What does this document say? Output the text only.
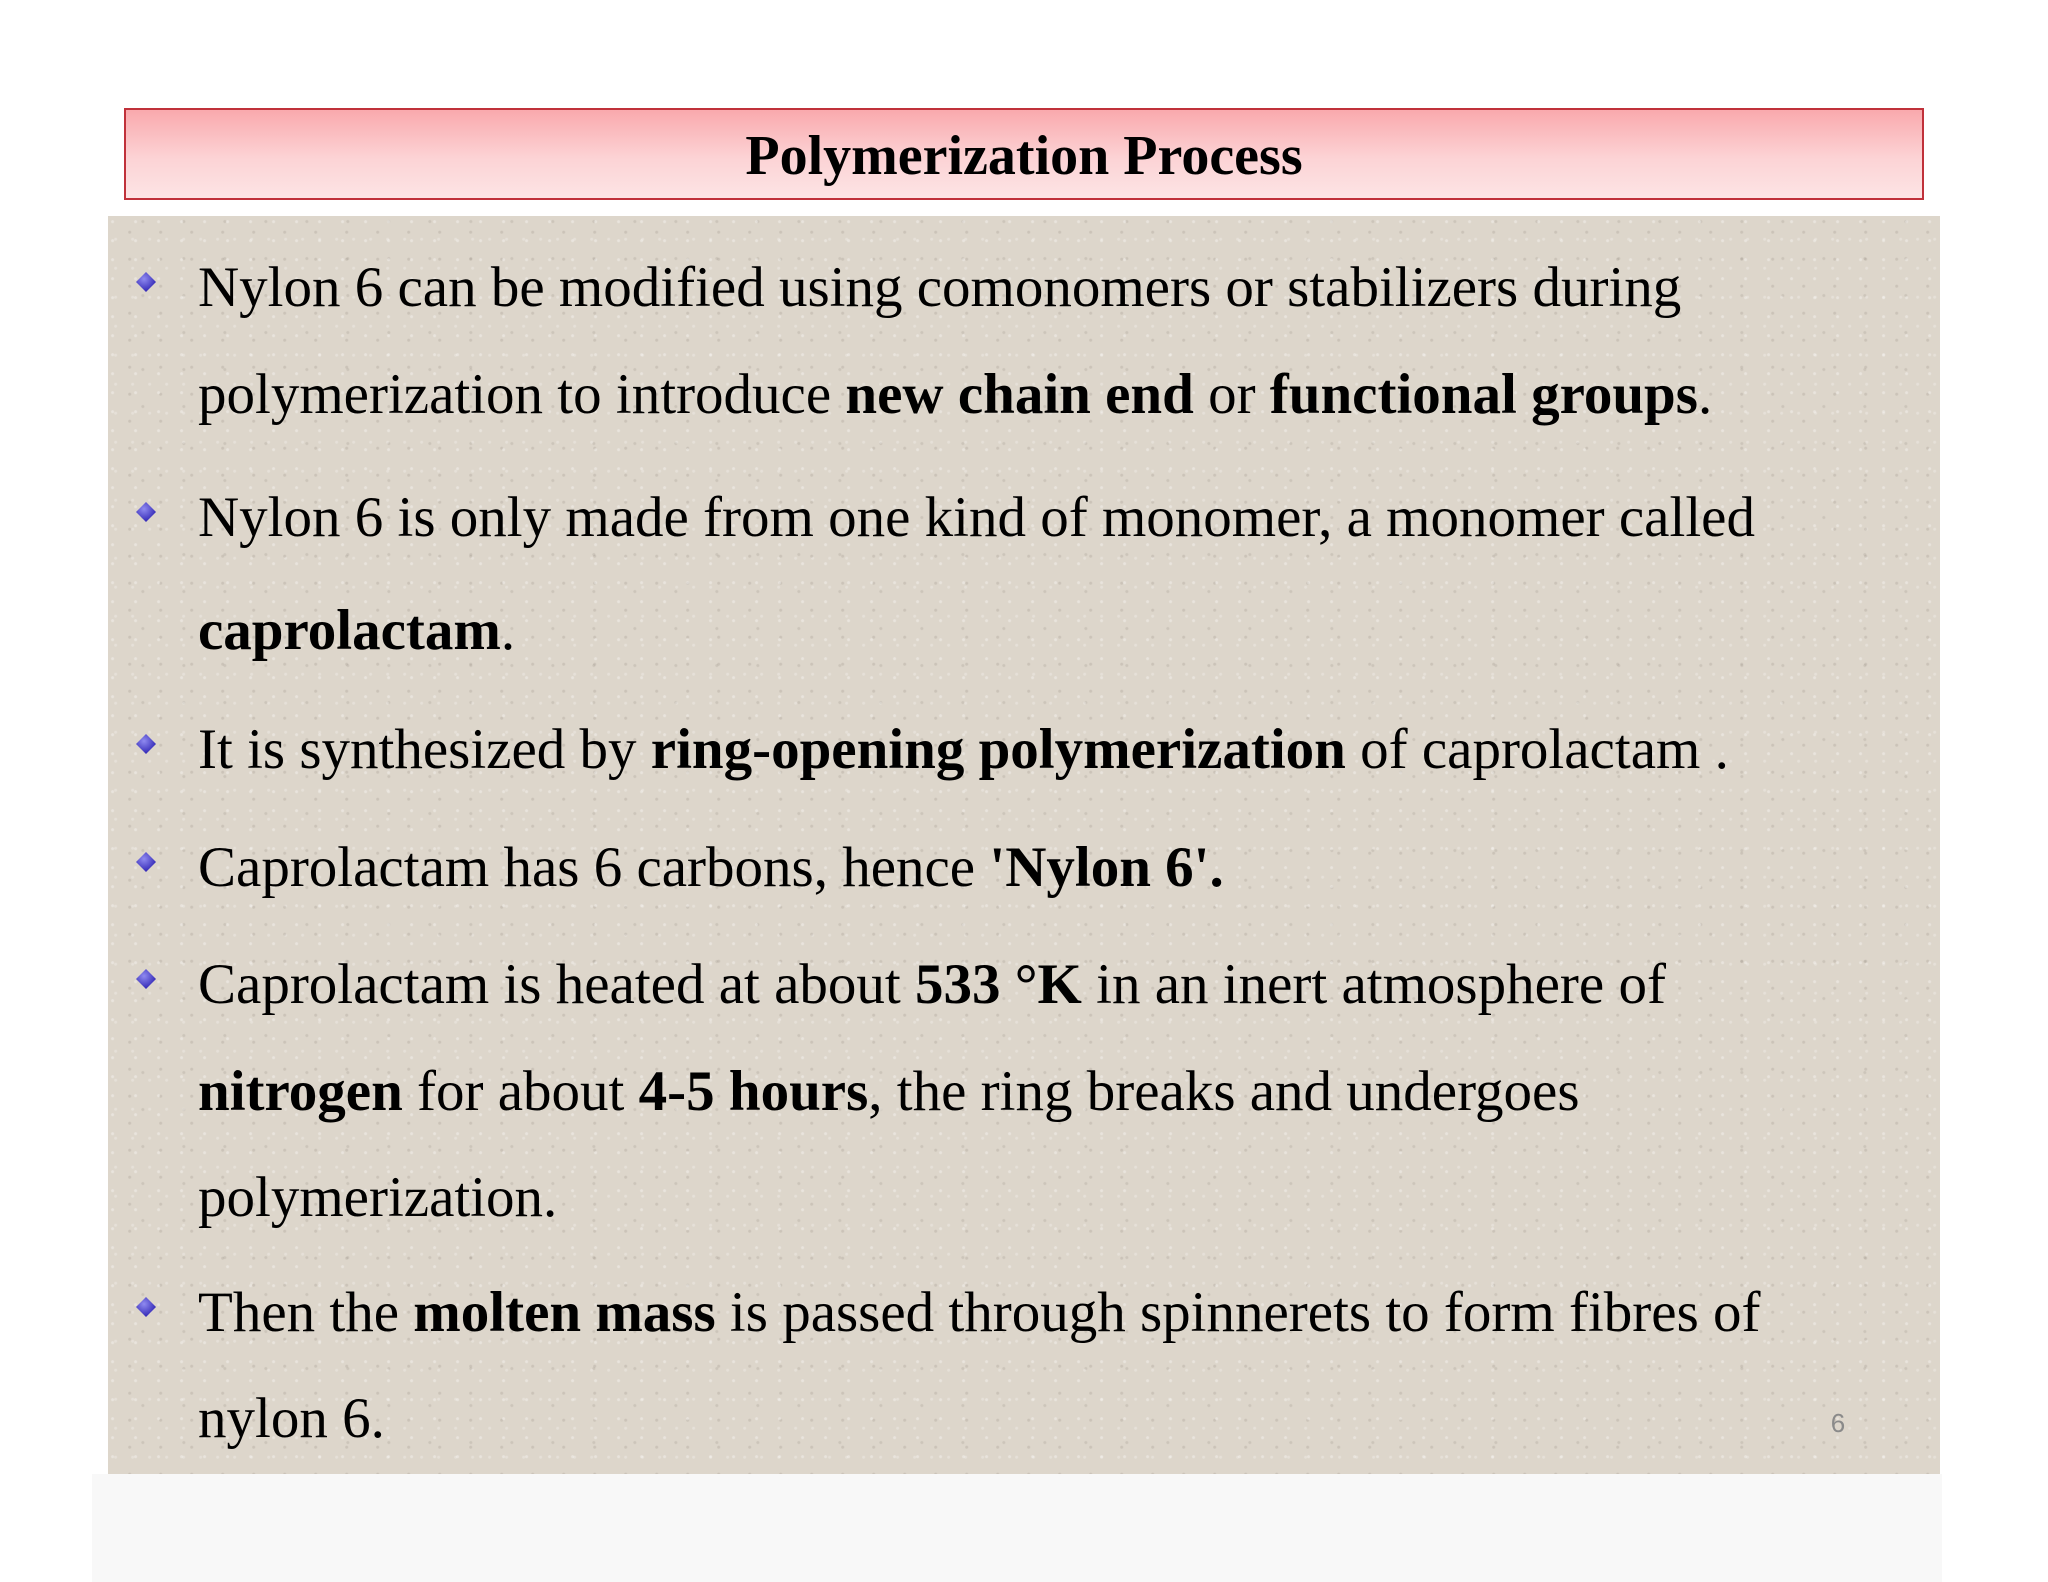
Polymerization Process
Nylon 6 can be modified using comonomers or stabilizers during
polymerization to introduce new chain end or functional groups.
Nylon 6 is only made from one kind of monomer, a monomer called
caprolactam.
It is synthesized by ring-opening polymerization of caprolactam .
Caprolactam has 6 carbons, hence 'Nylon 6'.
Caprolactam is heated at about 533 °K in an inert atmosphere of
nitrogen for about 4-5 hours, the ring breaks and undergoes
polymerization.
Then the molten mass is passed through spinnerets to form fibres of
nylon 6.	6
